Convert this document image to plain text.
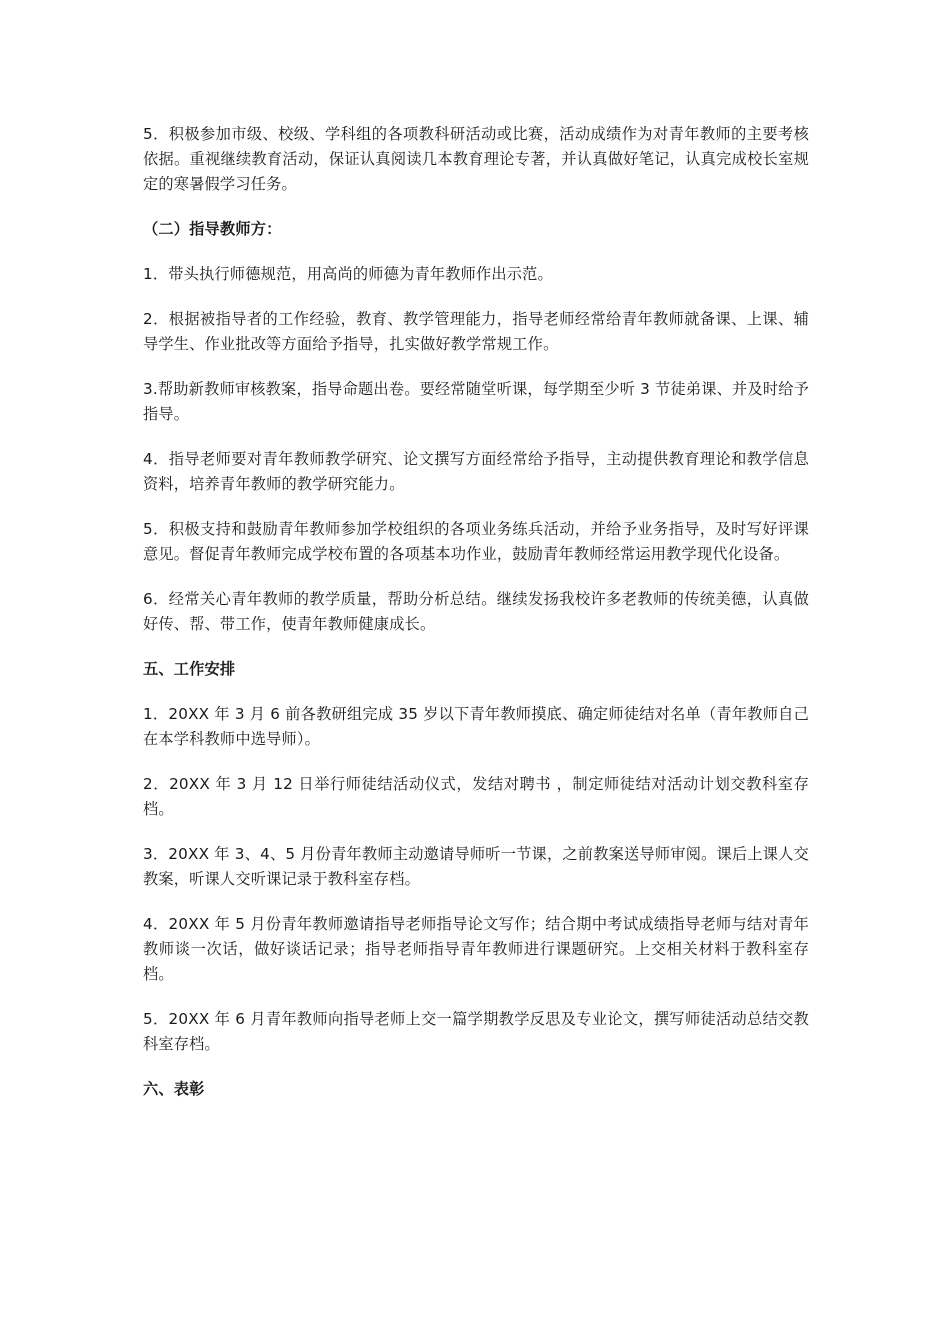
5．积极参加市级、校级、学科组的各项教科研活动或比赛，活动成绩作为对青年教师的主要考核依据。重视继续教育活动，保证认真阅读几本教育理论专著，并认真做好笔记，认真完成校长室规定的寒暑假学习任务。

（二）指导教师方：

1．带头执行师德规范，用高尚的师德为青年教师作出示范。

2．根据被指导者的工作经验，教育、教学管理能力，指导老师经常给青年教师就备课、上课、辅导学生、作业批改等方面给予指导，扎实做好教学常规工作。

3.帮助新教师审核教案，指导命题出卷。要经常随堂听课，每学期至少听 3 节徒弟课、并及时给予指导。

4．指导老师要对青年教师教学研究、论文撰写方面经常给予指导，主动提供教育理论和教学信息资料，培养青年教师的教学研究能力。

5．积极支持和鼓励青年教师参加学校组织的各项业务练兵活动，并给予业务指导，及时写好评课意见。督促青年教师完成学校布置的各项基本功作业，鼓励青年教师经常运用教学现代化设备。

6．经常关心青年教师的教学质量，帮助分析总结。继续发扬我校许多老教师的传统美德，认真做好传、帮、带工作，使青年教师健康成长。

五、工作安排

1．20XX 年 3 月 6 前各教研组完成 35 岁以下青年教师摸底、确定师徒结对名单（青年教师自己在本学科教师中选导师）。

2．20XX 年 3 月 12 日举行师徒结活动仪式，发结对聘书 ，制定师徒结对活动计划交教科室存档。

3．20XX 年 3、4、5 月份青年教师主动邀请导师听一节课，之前教案送导师审阅。课后上课人交教案，听课人交听课记录于教科室存档。

4．20XX 年 5 月份青年教师邀请指导老师指导论文写作；结合期中考试成绩指导老师与结对青年教师谈一次话，做好谈话记录；指导老师指导青年教师进行课题研究。上交相关材料于教科室存档。

5．20XX 年 6 月青年教师向指导老师上交一篇学期教学反思及专业论文，撰写师徒活动总结交教科室存档。

六、表彰
